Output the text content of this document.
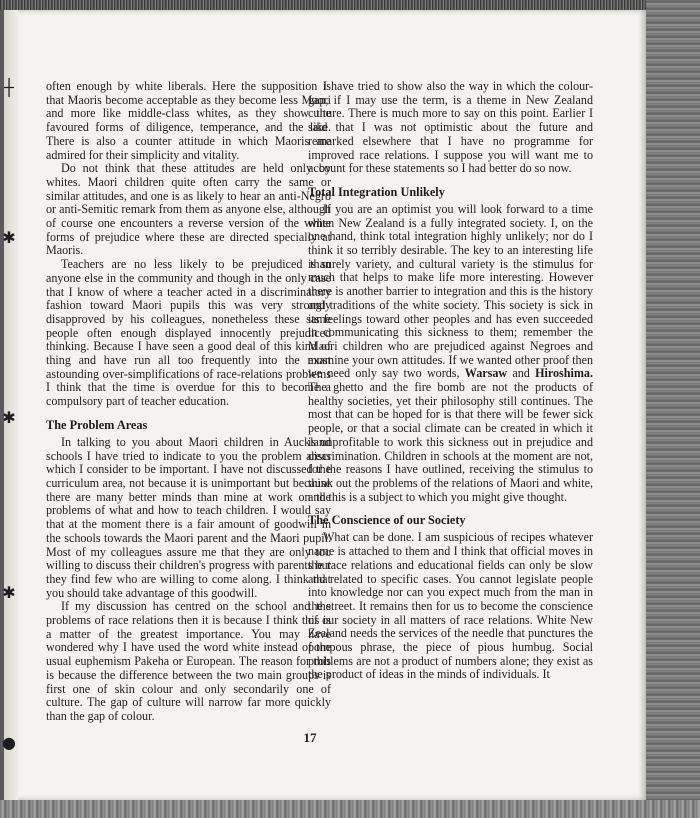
┼
✱
✱
✱
●

often enough by white liberals. Here the supposition is that Maoris become acceptable as they become less Maori and more like middle-class whites, as they show the favoured forms of diligence, temperance, and the like. There is also a counter attitude in which Maoris are admired for their simplicity and vitality.

Do not think that these attitudes are held only by whites. Maori children quite often carry the same or similar attitudes, and one is as likely to hear an anti-Negro or anti-Semitic remark from them as anyone else, although of course one encounters a reverse version of the white forms of prejudice where these are directed specially at Maoris.

Teachers are no less likely to be prejudiced than anyone else in the community and though in the only case that I know of where a teacher acted in a discriminatory fashion toward Maori pupils this was very strongly disapproved by his colleagues, nonetheless these same people often enough displayed innocently prejudiced thinking. Because I have seen a good deal of this kind of thing and have run all too frequently into the most astounding over-simplifications of race-relations problems I think that the time is overdue for this to become a compulsory part of teacher education.

The Problem Areas

In talking to you about Maori children in Auckland schools I have tried to indicate to you the problem areas which I consider to be important. I have not discussed the curriculum area, not because it is unimportant but because there are many better minds than mine at work on the problems of what and how to teach children. I would say that at the moment there is a fair amount of goodwill in the schools towards the Maori parent and the Maori pupil. Most of my colleagues assure me that they are only too willing to discuss their children's progress with parents but they find few who are willing to come along. I think that you should take advantage of this goodwill.

If my discussion has centred on the school and the problems of race relations then it is because I think this is a matter of the greatest importance. You may have wondered why I have used the word white instead of the usual euphemism Pakeha or European. The reason for this is because the difference between the two main groups is first one of skin colour and only secondarily one of culture. The gap of culture will narrow far more quickly than the gap of colour.

I have tried to show also the way in which the colour-gap, if I may use the term, is a theme in New Zealand culture. There is much more to say on this point. Earlier I said that I was not optimistic about the future and remarked elsewhere that I have no programme for improved race relations. I suppose you will want me to account for these statements so I had better do so now.

Total Integration Unlikely

If you are an optimist you will look forward to a time when New Zealand is a fully integrated society. I, on the one hand, think total integration highly unlikely; nor do I think it so terribly desirable. The key to an interesting life is surely variety, and cultural variety is the stimulus for much that helps to make life more interesting. However there is another barrier to integration and this is the history and traditions of the white society. This society is sick in its feelings toward other peoples and has even succeeded in communicating this sickness to them; remember the Maori children who are prejudiced against Negroes and examine your own attitudes. If we wanted other proof then we need only say two words, Warsaw and Hiroshima. The ghetto and the fire bomb are not the products of healthy societies, yet their philosophy still continues. The most that can be hoped for is that there will be fewer sick people, or that a social climate can be created in which it is unprofitable to work this sickness out in prejudice and discrimination. Children in schools at the moment are not, for the reasons I have outlined, receiving the stimulus to think out the problems of the relations of Maori and white, and this is a subject to which you might give thought.

The Conscience of our Society

What can be done. I am suspicious of recipes whatever name is attached to them and I think that official moves in the race relations and educational fields can only be slow and related to specific cases. You cannot legislate people into knowledge nor can you expect much from the man in the street. It remains then for us to become the conscience of our society in all matters of race relations. White New Zealand needs the services of the needle that punctures the pompous phrase, the piece of pious humbug. Social problems are not a product of numbers alone; they exist as the product of ideas in the minds of individuals. It

17
